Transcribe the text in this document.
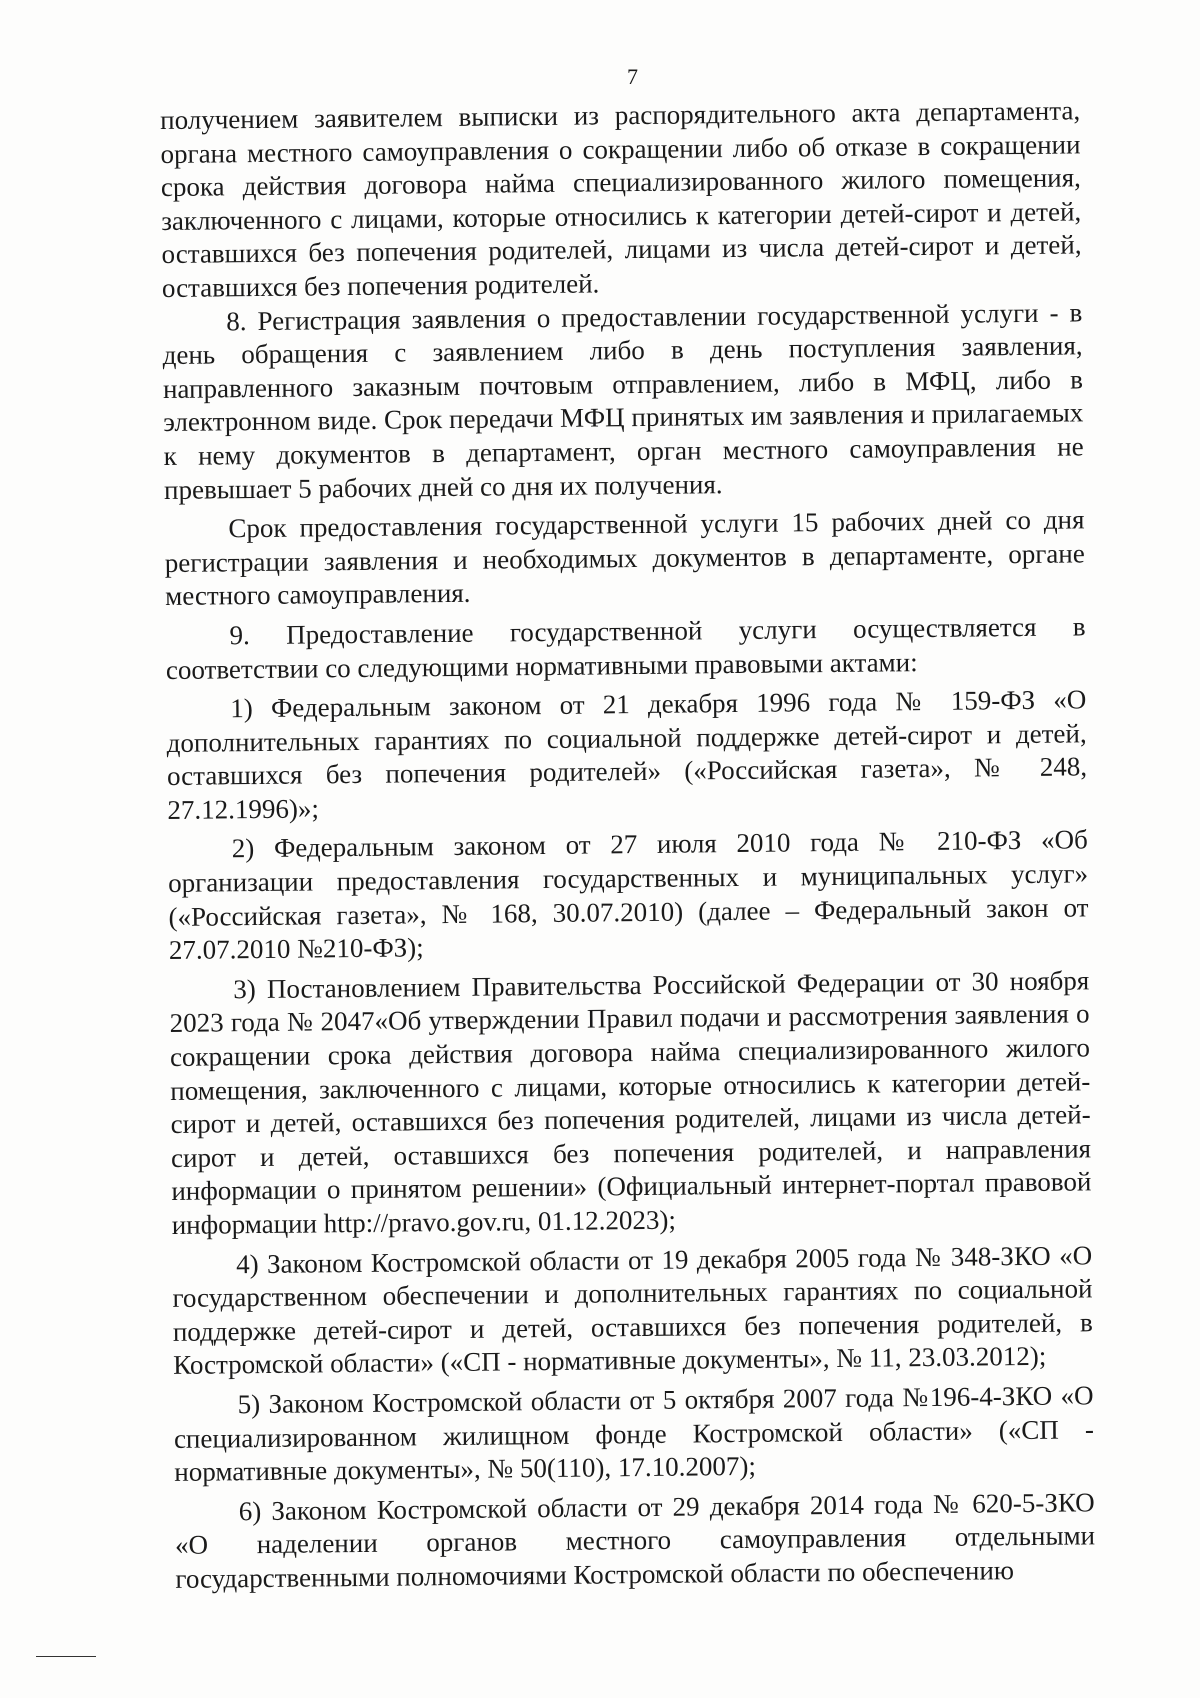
7

получением заявителем выписки из распорядительного акта департамента, органа местного самоуправления о сокращении либо об отказе в сокращении срока действия договора найма специализированного жилого помещения, заключенного с лицами, которые относились к категории детей-сирот и детей, оставшихся без попечения родителей, лицами из числа детей-сирот и детей, оставшихся без попечения родителей.

8. Регистрация заявления о предоставлении государственной услуги - в день обращения с заявлением либо в день поступления заявления, направленного заказным почтовым отправлением, либо в МФЦ, либо в электронном виде. Срок передачи МФЦ принятых им заявления и прилагаемых к нему документов в департамент, орган местного самоуправления не превышает 5 рабочих дней со дня их получения.

Срок предоставления государственной услуги 15 рабочих дней со дня регистрации заявления и необходимых документов в департаменте, органе местного самоуправления.

9. Предоставление государственной услуги осуществляется в соответствии со следующими нормативными правовыми актами:

1) Федеральным законом от 21 декабря 1996 года № 159-ФЗ «О дополнительных гарантиях по социальной поддержке детей-сирот и детей, оставшихся без попечения родителей» («Российская газета», № 248, 27.12.1996)»;

2) Федеральным законом от 27 июля 2010 года № 210-ФЗ «Об организации предоставления государственных и муниципальных услуг» («Российская газета», № 168, 30.07.2010) (далее – Федеральный закон от 27.07.2010 №210-ФЗ);

3) Постановлением Правительства Российской Федерации от 30 ноября 2023 года № 2047«Об утверждении Правил подачи и рассмотрения заявления о сокращении срока действия договора найма специализированного жилого помещения, заключенного с лицами, которые относились к категории детей-сирот и детей, оставшихся без попечения родителей, лицами из числа детей-сирот и детей, оставшихся без попечения родителей, и направления информации о принятом решении» (Официальный интернет-портал правовой информации http://pravo.gov.ru, 01.12.2023);

4) Законом Костромской области от 19 декабря 2005 года № 348-ЗКО «О государственном обеспечении и дополнительных гарантиях по социальной поддержке детей-сирот и детей, оставшихся без попечения родителей, в Костромской области» («СП - нормативные документы», № 11, 23.03.2012);

5) Законом Костромской области от 5 октября 2007 года №196-4-ЗКО «О специализированном жилищном фонде Костромской области» («СП - нормативные документы», № 50(110), 17.10.2007);

6) Законом Костромской области от 29 декабря 2014 года № 620-5-ЗКО «О наделении органов местного самоуправления отдельными государственными полномочиями Костромской области по обеспечению
